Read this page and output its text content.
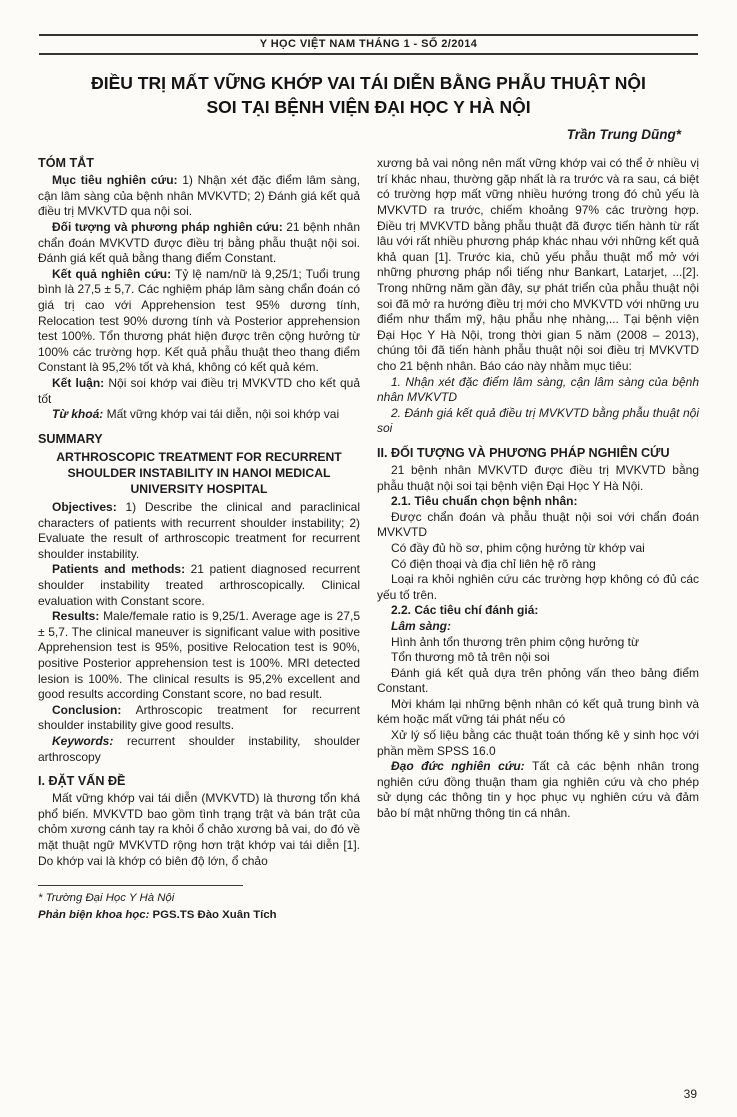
Y HỌC VIỆT NAM THÁNG 1 - SỐ 2/2014
ĐIỀU TRỊ MẤT VỮNG KHỚP VAI TÁI DIỄN BẰNG PHẪU THUẬT NỘI SOI TẠI BỆNH VIỆN ĐẠI HỌC Y HÀ NỘI
Trần Trung Dũng*
TÓM TẮT

Mục tiêu nghiên cứu: 1) Nhận xét đặc điểm lâm sàng, cận lâm sàng của bệnh nhân MVKVTD; 2) Đánh giá kết quả điều trị MVKVTD qua nội soi.

Đối tượng và phương pháp nghiên cứu: 21 bệnh nhân chẩn đoán MVKVTD được điều trị bằng phẫu thuật nội soi. Đánh giá kết quả bằng thang điểm Constant.

Kết quả nghiên cứu: Tỷ lệ nam/nữ là 9,25/1; Tuổi trung bình là 27,5 ± 5,7. Các nghiệm pháp lâm sàng chẩn đoán có giá trị cao với Apprehension test 95% dương tính, Relocation test 90% dương tính và Posterior apprehension test 100%. Tổn thương phát hiện được trên cộng hưởng từ 100% các trường hợp. Kết quả phẫu thuật theo thang điểm Constant là 95,2% tốt và khá, không có kết quả kém.

Kết luận: Nội soi khớp vai điều trị MVKVTD cho kết quả tốt

Từ khoá: Mất vững khớp vai tái diễn, nội soi khớp vai

SUMMARY
ARTHROSCOPIC TREATMENT FOR RECURRENT SHOULDER INSTABILITY IN HANOI MEDICAL UNIVERSITY HOSPITAL

Objectives: 1) Describe the clinical and paraclinical characters of patients with recurrent shoulder instability; 2) Evaluate the result of arthroscopic treatment for recurrent shoulder instability.

Patients and methods: 21 patient diagnosed recurrent shoulder instability treated arthroscopically. Clinical evaluation with Constant score.

Results: Male/female ratio is 9,25/1. Average age is 27,5 ± 5,7. The clinical maneuver is significant value with positive Apprehension test is 95%, positive Relocation test is 90%, positive Posterior apprehension test is 100%. MRI detected lesion is 100%. The clinical results is 95,2% excellent and good results according Constant score, no bad result.

Conclusion: Arthroscopic treatment for recurrent shoulder instability give good results.

Keywords: recurrent shoulder instability, shoulder arthroscopy

I. ĐẶT VẤN ĐỀ

Mất vững khớp vai tái diễn (MVKVTD) là thương tổn khá phổ biến. MVKVTD bao gồm tình trạng trật và bán trật của chỏm xương cánh tay ra khỏi ổ chảo xương bả vai, do đó về mặt thuật ngữ MVKVTD rộng hơn trật khớp vai tái diễn [1]. Do khớp vai là khớp có biên độ lớn, ổ chảo

* Trường Đại Học Y Hà Nội

Phản biện khoa học: PGS.TS Đào Xuân Tích

xương bả vai nông nên mất vững khớp vai có thể ở nhiều vị trí khác nhau, thường gặp nhất là ra trước và ra sau, cá biệt có trường hợp mất vững nhiều hướng trong đó chủ yếu là MVKVTD ra trước, chiếm khoảng 97% các trường hợp. Điều trị MVKVTD bằng phẫu thuật đã được tiến hành từ rất lâu với rất nhiều phương pháp khác nhau với những kết quả khả quan [1]. Trước kia, chủ yếu phẫu thuật mổ mở với những phương pháp nổi tiếng như Bankart, Latarjet, ...[2]. Trong những năm gần đây, sự phát triển của phẫu thuật nội soi đã mở ra hướng điều trị mới cho MVKVTD với những ưu điểm như thẩm mỹ, hậu phẫu nhẹ nhàng,... Tại bệnh viện Đại Học Y Hà Nội, trong thời gian 5 năm (2008 – 2013), chúng tôi đã tiến hành phẫu thuật nội soi điều trị MVKVTD cho 21 bệnh nhân. Báo cáo này nhằm mục tiêu:

1. Nhận xét đặc điểm lâm sàng, cận lâm sàng của bệnh nhân MVKVTD

2. Đánh giá kết quả điều trị MVKVTD bằng phẫu thuật nội soi

II. ĐỐI TƯỢNG VÀ PHƯƠNG PHÁP NGHIÊN CỨU

21 bệnh nhân MVKVTD được điều trị MVKVTD bằng phẫu thuật nội soi tại bệnh viện Đại Học Y Hà Nội.

2.1. Tiêu chuẩn chọn bệnh nhân:

Được chẩn đoán và phẫu thuật nội soi với chẩn đoán MVKVTD

Có đầy đủ hồ sơ, phim cộng hưởng từ khớp vai

Có điện thoại và địa chỉ liên hệ rõ ràng

Loại ra khỏi nghiên cứu các trường hợp không có đủ các yếu tố trên.

2.2. Các tiêu chí đánh giá:

Lâm sàng:

Hình ảnh tổn thương trên phim cộng hưởng từ

Tổn thương mô tả trên nội soi

Đánh giá kết quả dựa trên phỏng vấn theo bảng điểm Constant.

Mời khám lại những bệnh nhân có kết quả trung bình và kém hoặc mất vững tái phát nếu có

Xử lý số liệu bằng các thuật toán thống kê y sinh học với phần mềm SPSS 16.0

Đạo đức nghiên cứu: Tất cả các bệnh nhân trong nghiên cứu đồng thuận tham gia nghiên cứu và cho phép sử dụng các thông tin y học phục vụ nghiên cứu và đảm bảo bí mật những thông tin cá nhân.

39
